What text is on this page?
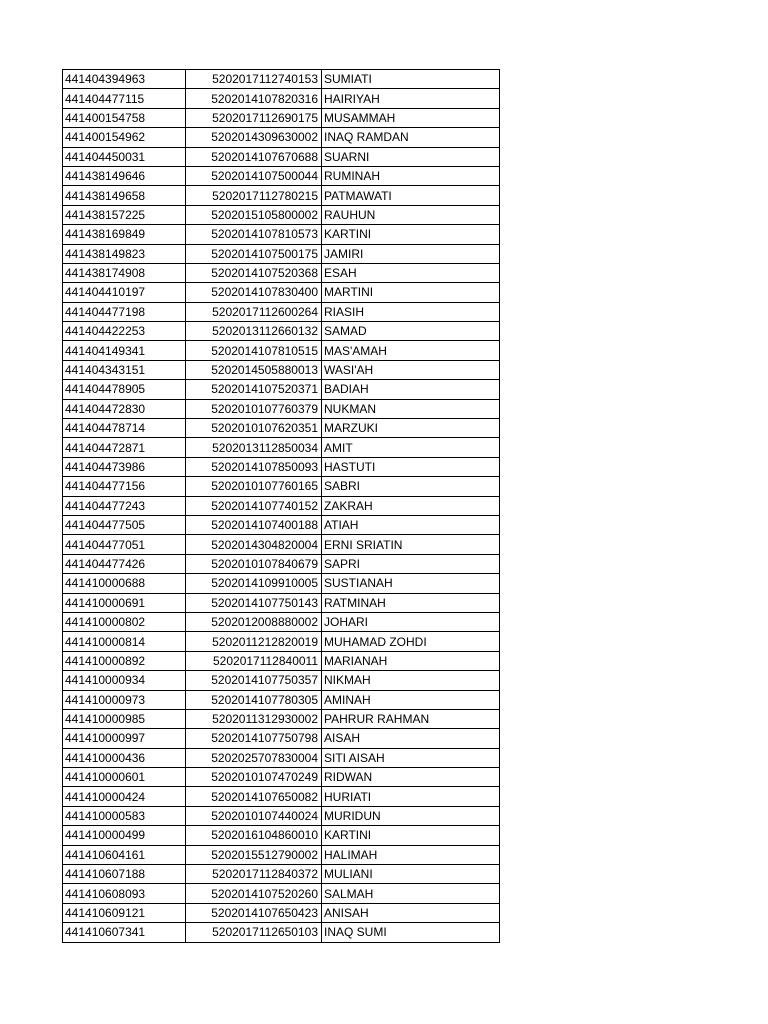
441404394963	5202017112740153	SUMIATI
441404477115	5202014107820316	HAIRIYAH
441400154758	5202017112690175	MUSAMMAH
441400154962	5202014309630002	INAQ RAMDAN
441404450031	5202014107670688	SUARNI
441438149646	5202014107500044	RUMINAH
441438149658	5202017112780215	PATMAWATI
441438157225	5202015105800002	RAUHUN
441438169849	5202014107810573	KARTINI
441438149823	5202014107500175	JAMIRI
441438174908	5202014107520368	ESAH
441404410197	5202014107830400	MARTINI
441404477198	5202017112600264	RIASIH
441404422253	5202013112660132	SAMAD
441404149341	5202014107810515	MAS'AMAH
441404343151	5202014505880013	WASI'AH
441404478905	5202014107520371	BADIAH
441404472830	5202010107760379	NUKMAN
441404478714	5202010107620351	MARZUKI
441404472871	5202013112850034	AMIT
441404473986	5202014107850093	HASTUTI
441404477156	5202010107760165	SABRI
441404477243	5202014107740152	ZAKRAH
441404477505	5202014107400188	ATIAH
441404477051	5202014304820004	ERNI SRIATIN
441404477426	5202010107840679	SAPRI
441410000688	5202014109910005	SUSTIANAH
441410000691	5202014107750143	RATMINAH
441410000802	5202012008880002	JOHARI
441410000814	5202011212820019	MUHAMAD ZOHDI
441410000892	5202017112840011	MARIANAH
441410000934	5202014107750357	NIKMAH
441410000973	5202014107780305	AMINAH
441410000985	5202011312930002	PAHRUR RAHMAN
441410000997	5202014107750798	AISAH
441410000436	5202025707830004	SITI AISAH
441410000601	5202010107470249	RIDWAN
441410000424	5202014107650082	HURIATI
441410000583	5202010107440024	MURIDUN
441410000499	5202016104860010	KARTINI
441410604161	5202015512790002	HALIMAH
441410607188	5202017112840372	MULIANI
441410608093	5202014107520260	SALMAH
441410609121	5202014107650423	ANISAH
441410607341	5202017112650103	INAQ SUMI
